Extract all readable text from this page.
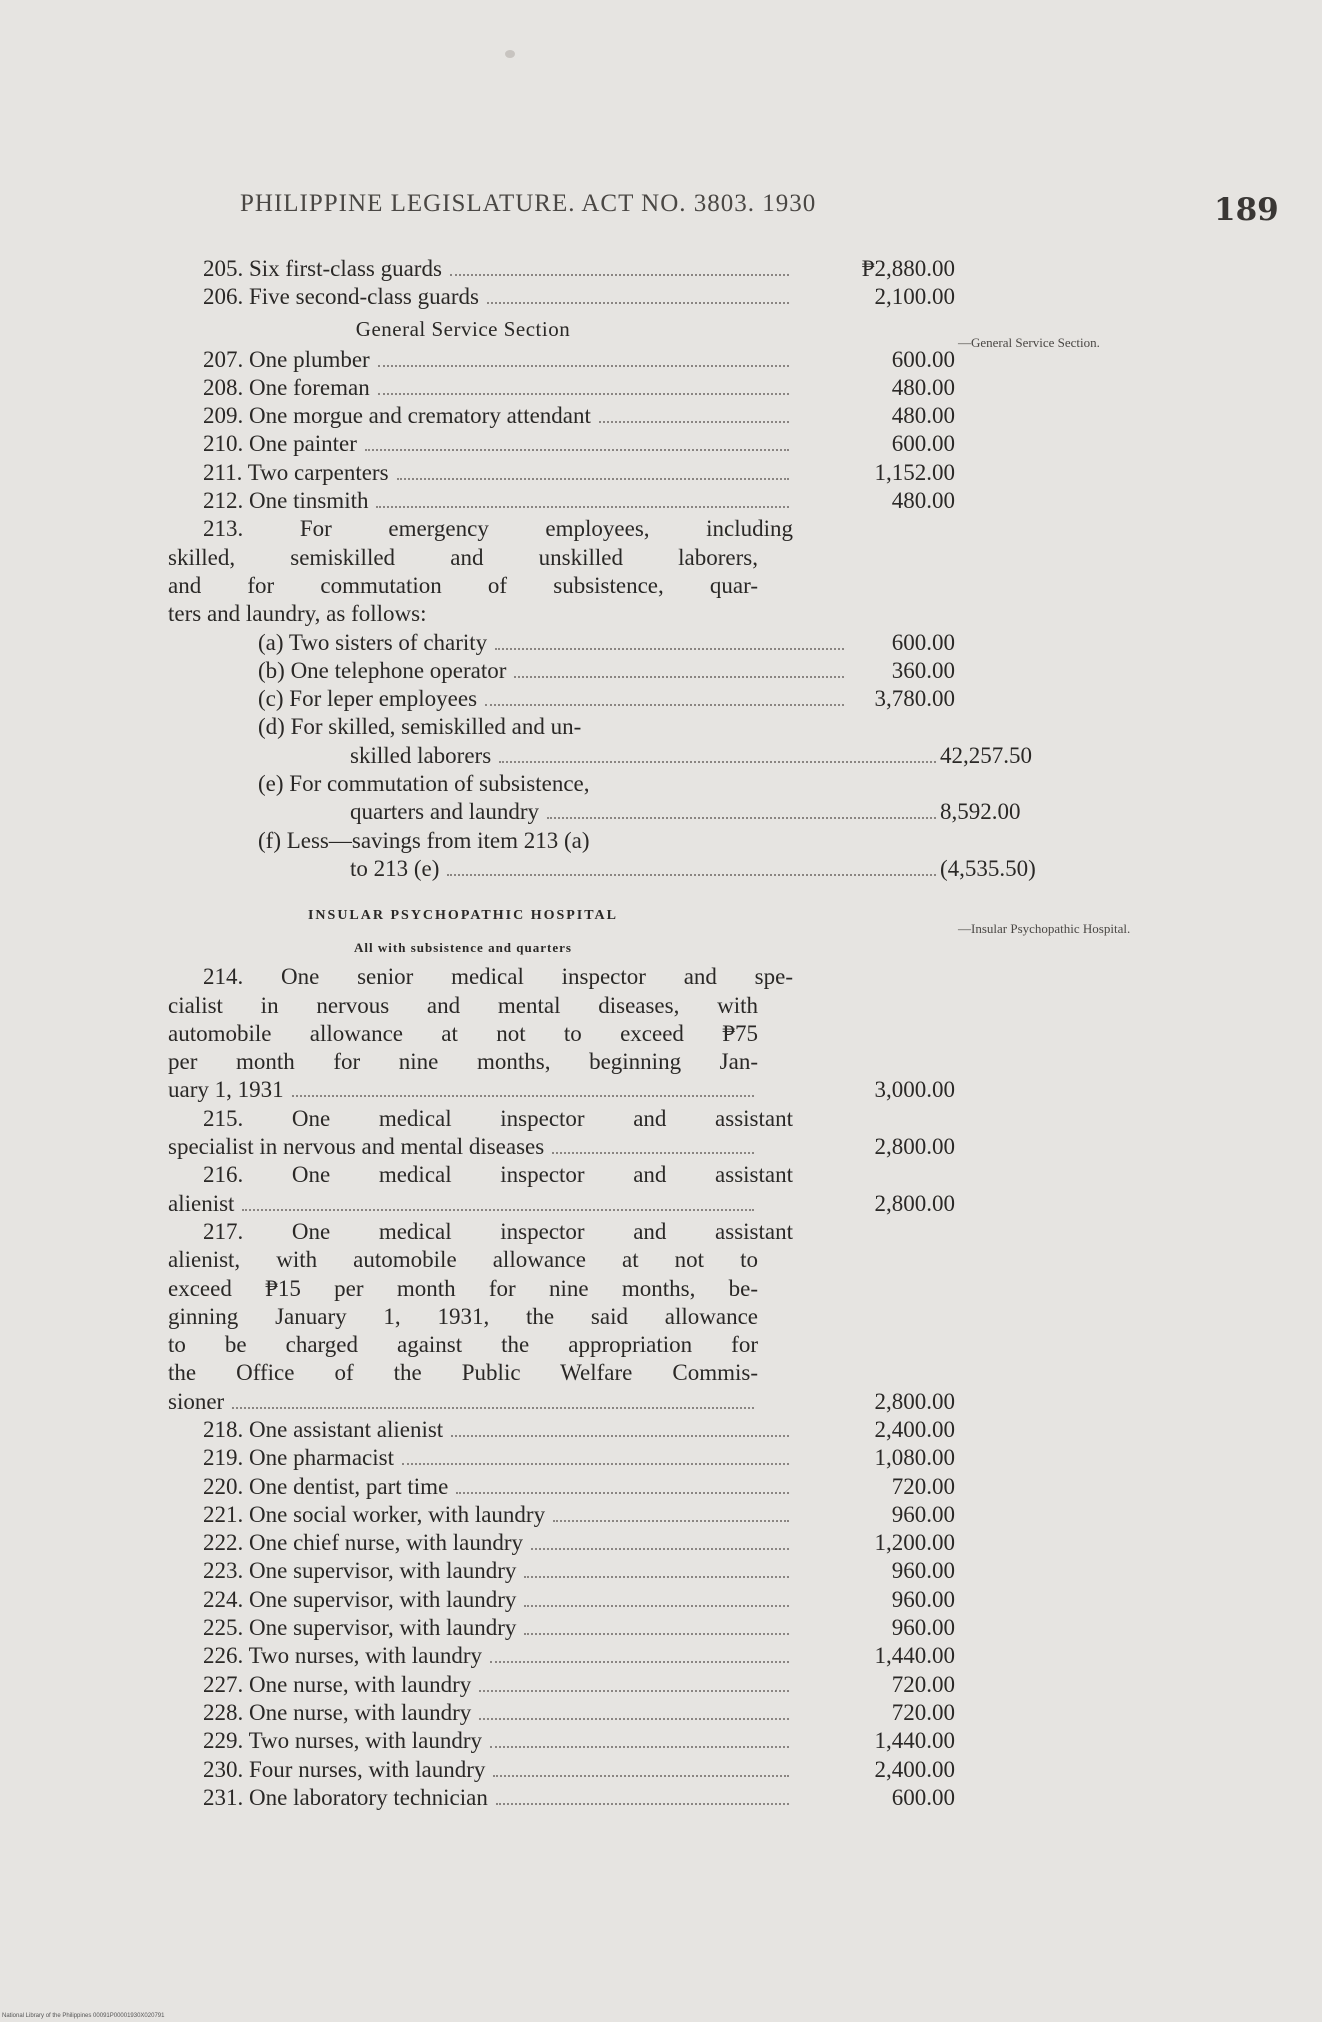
PHILIPPINE LEGISLATURE. ACT NO. 3803. 1930	189
—General Service Section.
—Insular Psychopathic Hospital.
205. Six first-class guards	₱2,880.00
206. Five second-class guards	2,100.00
General Service Section
207. One plumber	600.00
208. One foreman	480.00
209. One morgue and crematory attendant	480.00
210. One painter	600.00
211. Two carpenters	1,152.00
212. One tinsmith	480.00
213. For emergency employees, including
skilled, semiskilled and unskilled laborers,
and for commutation of subsistence, quar-
ters and laundry, as follows:
(a) Two sisters of charity	600.00
(b) One telephone operator	360.00
(c) For leper employees	3,780.00
(d) For skilled, semiskilled and un-
skilled laborers	42,257.50
(e) For commutation of subsistence,
quarters and laundry	8,592.00
(f) Less—savings from item 213 (a)
to 213 (e)	(4,535.50)
INSULAR PSYCHOPATHIC HOSPITAL
All with subsistence and quarters
214. One senior medical inspector and spe-
cialist in nervous and mental diseases, with
automobile allowance at not to exceed ₱75
per month for nine months, beginning Jan-
uary 1, 1931	3,000.00
215. One medical inspector and assistant
specialist in nervous and mental diseases	2,800.00
216. One medical inspector and assistant
alienist	2,800.00
217. One medical inspector and assistant
alienist, with automobile allowance at not to
exceed ₱15 per month for nine months, be-
ginning January 1, 1931, the said allowance
to be charged against the appropriation for
the Office of the Public Welfare Commis-
sioner	2,800.00
218. One assistant alienist	2,400.00
219. One pharmacist	1,080.00
220. One dentist, part time	720.00
221. One social worker, with laundry	960.00
222. One chief nurse, with laundry	1,200.00
223. One supervisor, with laundry	960.00
224. One supervisor, with laundry	960.00
225. One supervisor, with laundry	960.00
226. Two nurses, with laundry	1,440.00
227. One nurse, with laundry	720.00
228. One nurse, with laundry	720.00
229. Two nurses, with laundry	1,440.00
230. Four nurses, with laundry	2,400.00
231. One laboratory technician	600.00
National Library of the Philippines 00091P00001930X020791
